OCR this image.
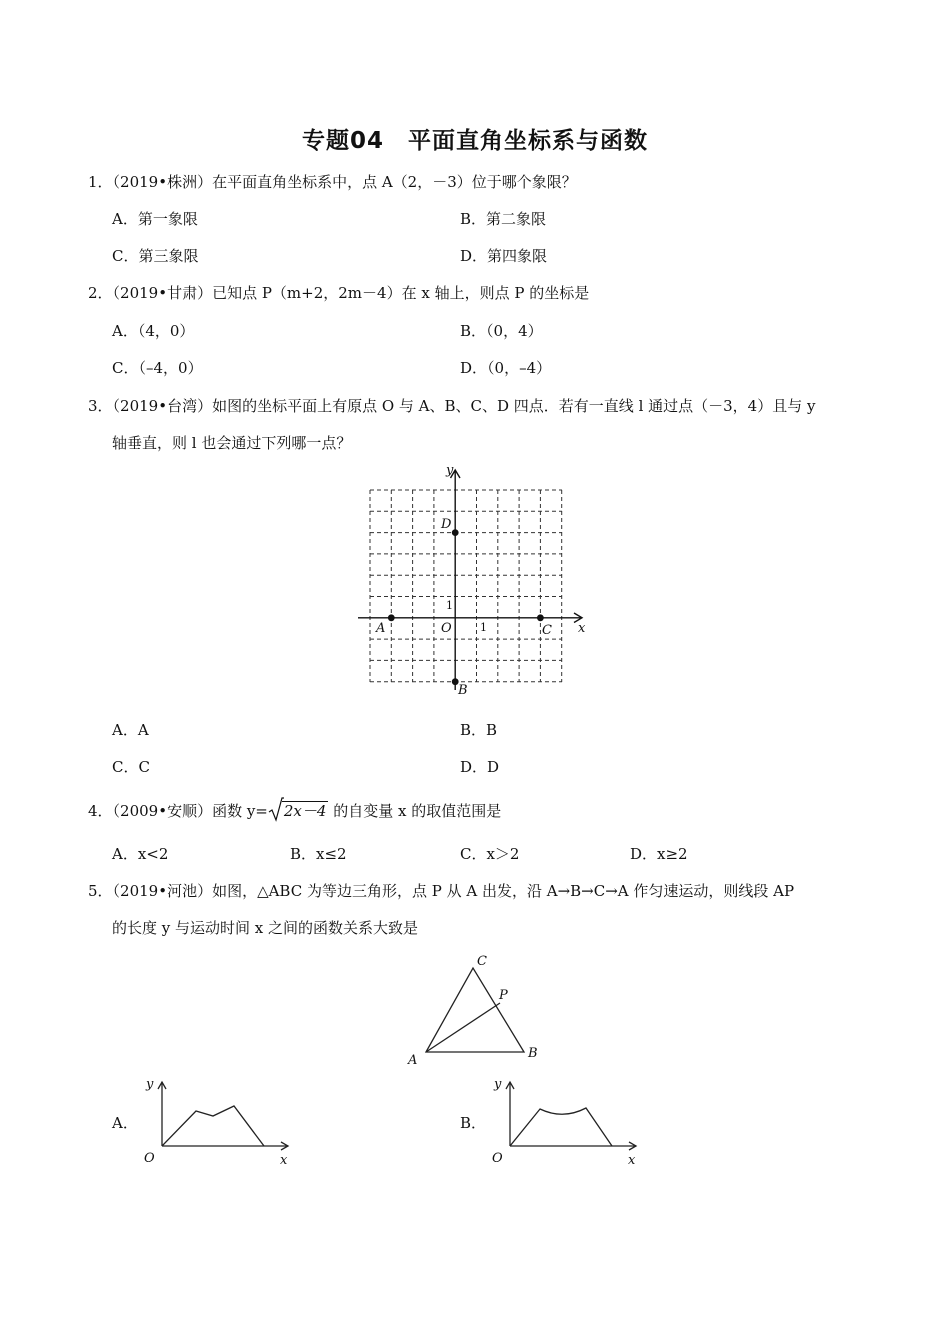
专题04　平面直角坐标系与函数
1．（2019•株洲）在平面直角坐标系中，点 A（2，－3）位于哪个象限？
A．第一象限	B．第二象限
C．第三象限	D．第四象限
2．（2019•甘肃）已知点 P（m+2，2m－4）在 x 轴上，则点 P 的坐标是
A．（4，0）	B．（0，4）
C．（–4，0）	D．（0，–4）
3．（2019•台湾）如图的坐标平面上有原点 O 与 A、B、C、D 四点．若有一直线 l 通过点（－3，4）且与 y
轴垂直，则 l 也会通过下列哪一点？
y
x
D
A	C
B
O
1
1
A．A	B．B
C．C	D．D
4．（2009•安顺）函数 y= 2x－4 的自变量 x 的取值范围是
A．x<2	B．x≤2	C．x＞2	D．x≥2
5．（2019•河池）如图，△ABC 为等边三角形，点 P 从 A 出发，沿 A→B→C→A 作匀速运动，则线段 AP
的长度 y 与运动时间 x 之间的函数关系大致是
C
P
A	B
A．
y
O	x
B．
y
O	x
